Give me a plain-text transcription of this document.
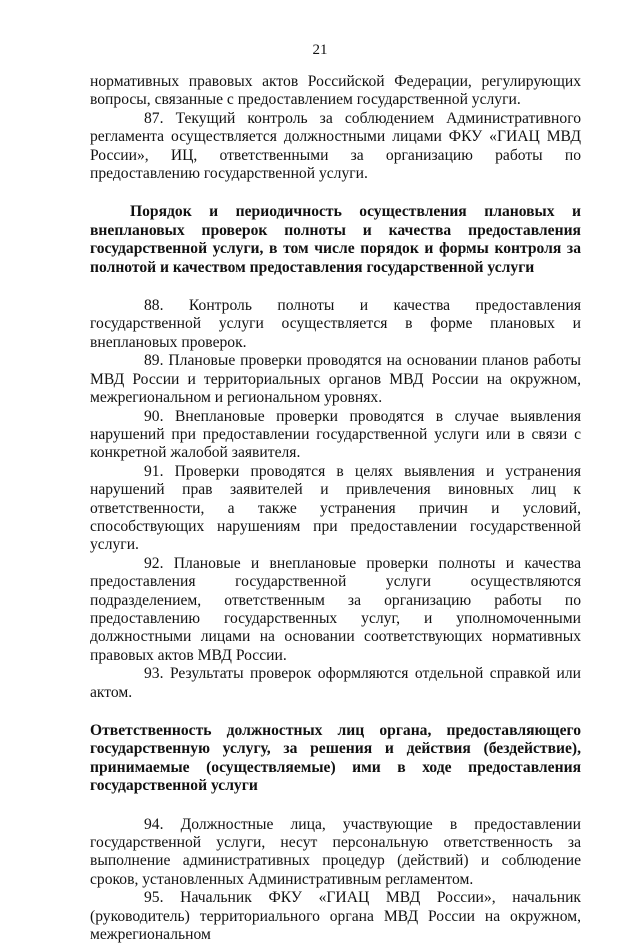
21

нормативных правовых актов Российской Федерации, регулирующих вопросы, связанные с предоставлением государственной услуги.

87. Текущий контроль за соблюдением Административного регламента осуществляется должностными лицами ФКУ «ГИАЦ МВД России», ИЦ, ответственными за организацию работы по предоставлению государственной услуги.

Порядок и периодичность осуществления плановых и внеплановых проверок полноты и качества предоставления государственной услуги, в том числе порядок и формы контроля за полнотой и качеством предоставления государственной услуги

88. Контроль полноты и качества предоставления государственной услуги осуществляется в форме плановых и внеплановых проверок.

89. Плановые проверки проводятся на основании планов работы МВД России и территориальных органов МВД России на окружном, межрегиональном и региональном уровнях.

90. Внеплановые проверки проводятся в случае выявления нарушений при предоставлении государственной услуги или в связи с конкретной жалобой заявителя.

91. Проверки проводятся в целях выявления и устранения нарушений прав заявителей и привлечения виновных лиц к ответственности, а также устранения причин и условий, способствующих нарушениям при предоставлении государственной услуги.

92. Плановые и внеплановые проверки полноты и качества предоставления государственной услуги осуществляются подразделением, ответственным за организацию работы по предоставлению государственных услуг, и уполномоченными должностными лицами на основании соответствующих нормативных правовых актов МВД России.

93. Результаты проверок оформляются отдельной справкой или актом.

Ответственность должностных лиц органа, предоставляющего государственную услугу, за решения и действия (бездействие), принимаемые (осуществляемые) ими в ходе предоставления государственной услуги

94. Должностные лица, участвующие в предоставлении государственной услуги, несут персональную ответственность за выполнение административных процедур (действий) и соблюдение сроков, установленных Административным регламентом.

95. Начальник ФКУ «ГИАЦ МВД России», начальник (руководитель) территориального органа МВД России на окружном, межрегиональном
